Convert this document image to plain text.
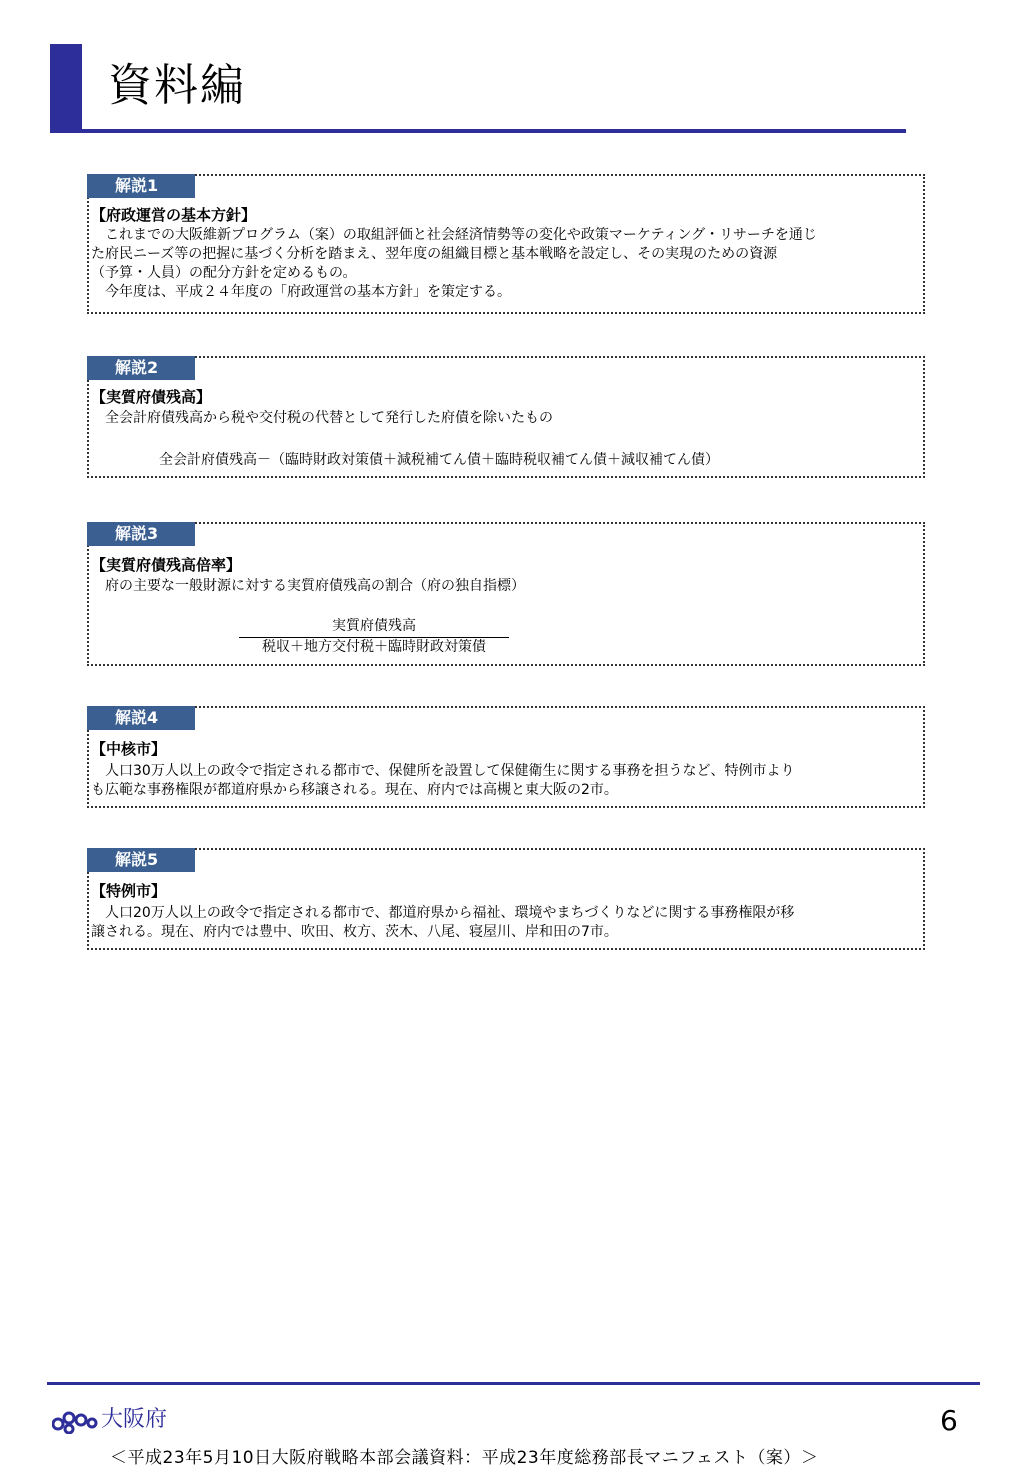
資料編
解説1
【府政運営の基本方針】
　これまでの大阪維新プログラム（案）の取組評価と社会経済情勢等の変化や政策マーケティング・リサーチを通じ
た府民ニーズ等の把握に基づく分析を踏まえ、翌年度の組織目標と基本戦略を設定し、その実現のための資源
（予算・人員）の配分方針を定めるもの。
　今年度は、平成２４年度の「府政運営の基本方針」を策定する。
解説2
【実質府債残高】
　全会計府債残高から税や交付税の代替として発行した府債を除いたもの
全会計府債残高－（臨時財政対策債＋減税補てん債＋臨時税収補てん債＋減収補てん債）
解説3
【実質府債残高倍率】
　府の主要な一般財源に対する実質府債残高の割合（府の独自指標）
実質府債残高
税収＋地方交付税＋臨時財政対策債
解説4
【中核市】
　人口30万人以上の政令で指定される都市で、保健所を設置して保健衛生に関する事務を担うなど、特例市より
も広範な事務権限が都道府県から移譲される。現在、府内では高槻と東大阪の2市。
解説5
【特例市】
　人口20万人以上の政令で指定される都市で、都道府県から福祉、環境やまちづくりなどに関する事務権限が移
譲される。現在、府内では豊中、吹田、枚方、茨木、八尾、寝屋川、岸和田の7市。
大阪府	6
＜平成23年5月10日大阪府戦略本部会議資料：平成23年度総務部長マニフェスト（案）＞
